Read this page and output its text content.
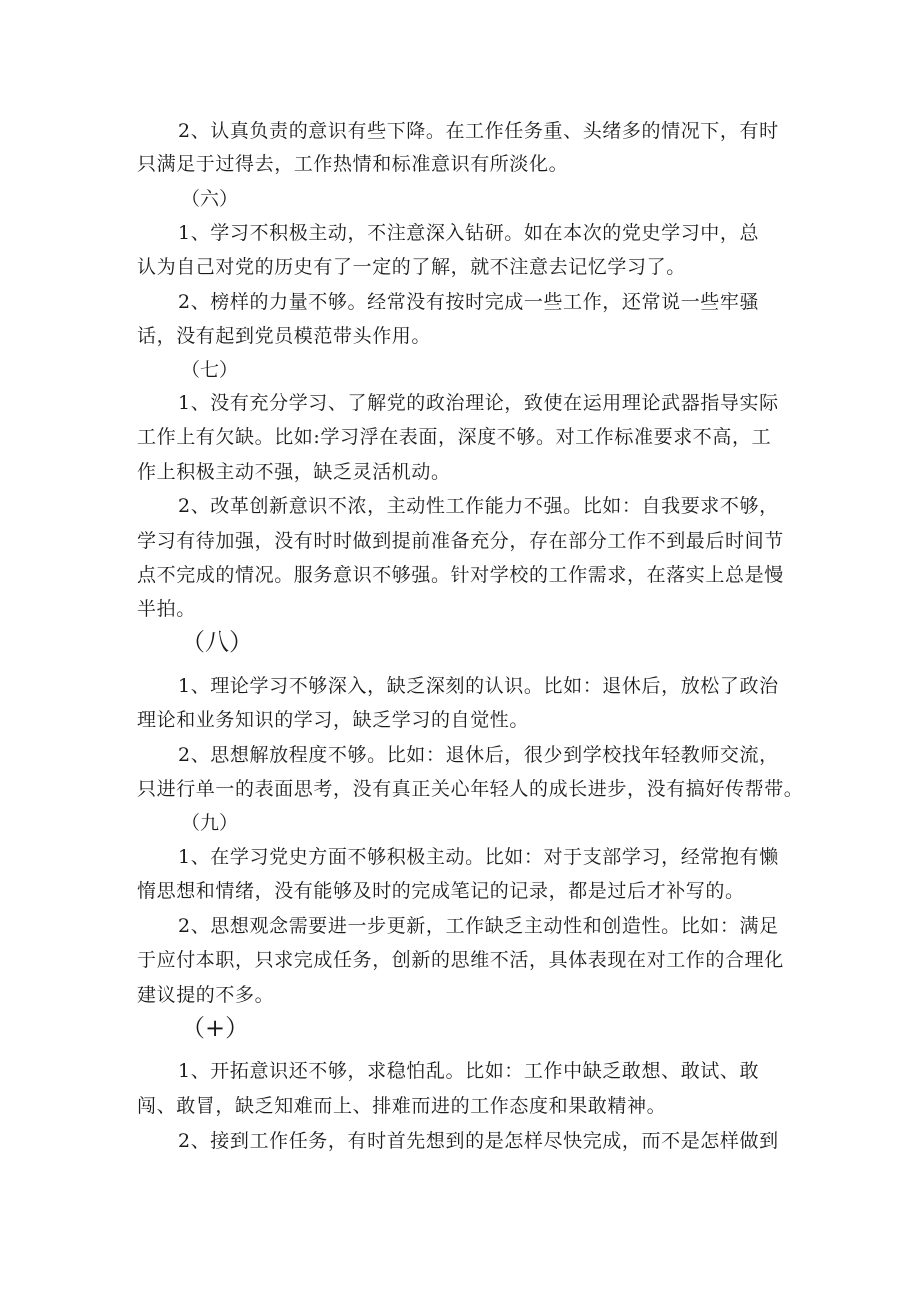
2、认真负责的意识有些下降。在工作任务重、头绪多的情况下，有时
只满足于过得去，工作热情和标准意识有所淡化。
（六）
1、学习不积极主动，不注意深入钻研。如在本次的党史学习中，总
认为自己对党的历史有了一定的了解，就不注意去记忆学习了。
2、榜样的力量不够。经常没有按时完成一些工作，还常说一些牢骚
话，没有起到党员模范带头作用。
（七）
1、没有充分学习、了解党的政治理论，致使在运用理论武器指导实际
工作上有欠缺。比如:学习浮在表面，深度不够。对工作标准要求不高，工
作上积极主动不强，缺乏灵活机动。
2、改革创新意识不浓，主动性工作能力不强。比如：自我要求不够，
学习有待加强，没有时时做到提前准备充分，存在部分工作不到最后时间节
点不完成的情况。服务意识不够强。针对学校的工作需求，在落实上总是慢
半拍。
（八）
1、理论学习不够深入，缺乏深刻的认识。比如：退休后，放松了政治
理论和业务知识的学习，缺乏学习的自觉性。
2、思想解放程度不够。比如：退休后，很少到学校找年轻教师交流，
只进行单一的表面思考，没有真正关心年轻人的成长进步，没有搞好传帮带。
（九）
1、在学习党史方面不够积极主动。比如：对于支部学习，经常抱有懒
惰思想和情绪，没有能够及时的完成笔记的记录，都是过后才补写的。
2、思想观念需要进一步更新，工作缺乏主动性和创造性。比如：满足
于应付本职，只求完成任务，创新的思维不活，具体表现在对工作的合理化
建议提的不多。
（+）
1、开拓意识还不够，求稳怕乱。比如：工作中缺乏敢想、敢试、敢
闯、敢冒，缺乏知难而上、排难而进的工作态度和果敢精神。
2、接到工作任务，有时首先想到的是怎样尽快完成，而不是怎样做到
